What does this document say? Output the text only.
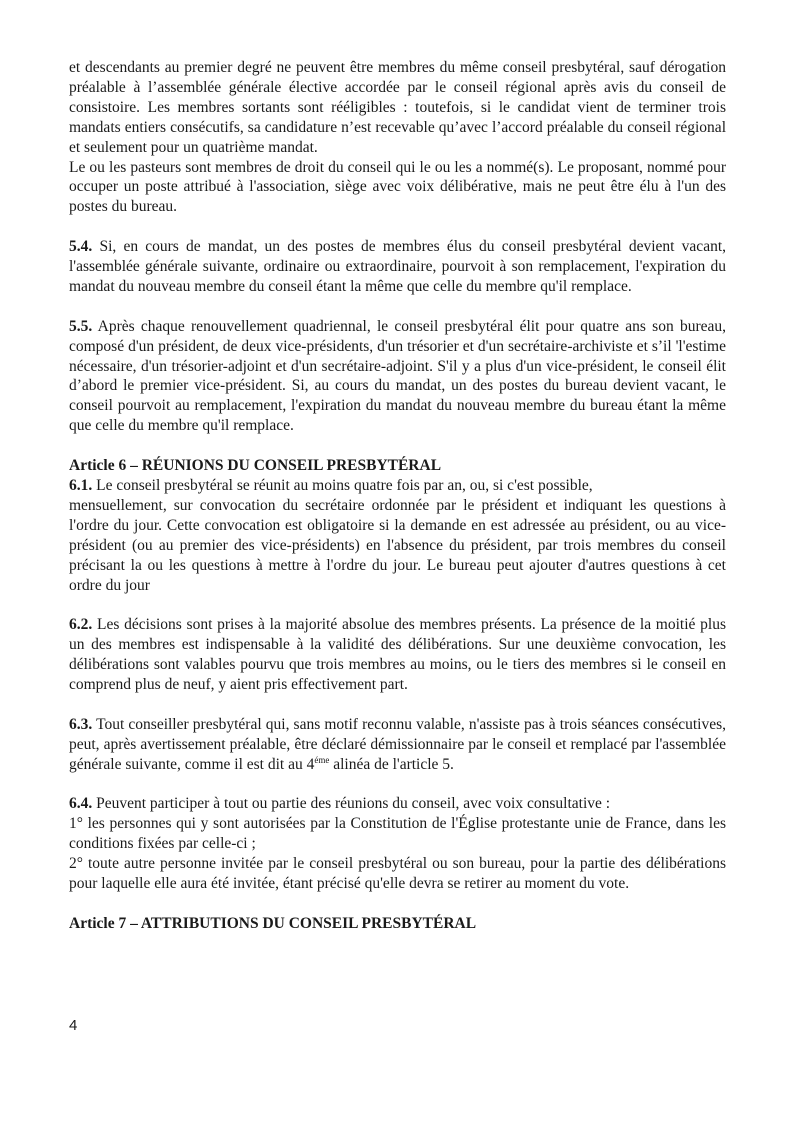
et descendants au premier degré ne peuvent être membres du même conseil presbytéral, sauf dérogation préalable à l’assemblée générale élective accordée par le conseil régional après avis du conseil de consistoire. Les membres sortants sont rééligibles : toutefois, si le candidat vient de terminer trois mandats entiers consécutifs, sa candidature n’est recevable qu’avec l’accord préalable du conseil régional et seulement pour un quatrième mandat.

Le ou les pasteurs sont membres de droit du conseil qui le ou les a nommé(s). Le proposant, nommé pour occuper un poste attribué à l'association, siège avec voix délibérative, mais ne peut être élu à l'un des postes du bureau.

5.4. Si, en cours de mandat, un des postes de membres élus du conseil presbytéral devient vacant, l'assemblée générale suivante, ordinaire ou extraordinaire, pourvoit à son remplacement, l'expiration du mandat du nouveau membre du conseil étant la même que celle du membre qu'il remplace.

5.5. Après chaque renouvellement quadriennal, le conseil presbytéral élit pour quatre ans son bureau, composé d'un président, de deux vice-présidents, d'un trésorier et d'un secrétaire-archiviste et s’il 'l'estime nécessaire, d'un trésorier-adjoint et d'un secrétaire-adjoint. S'il y a plus d'un vice-président, le conseil élit d’abord le premier vice-président. Si, au cours du mandat, un des postes du bureau devient vacant, le conseil pourvoit au remplacement, l'expiration du mandat du nouveau membre du bureau étant la même que celle du membre qu'il remplace.

Article 6 – RÉUNIONS DU CONSEIL PRESBYTÉRAL

6.1. Le conseil presbytéral se réunit au moins quatre fois par an, ou, si c'est possible,

mensuellement, sur convocation du secrétaire ordonnée par le président et indiquant les questions à l'ordre du jour. Cette convocation est obligatoire si la demande en est adressée au président, ou au vice-président (ou au premier des vice-présidents) en l'absence du président, par trois membres du conseil précisant la ou les questions à mettre à l'ordre du jour. Le bureau peut ajouter d'autres questions à cet ordre du jour

6.2. Les décisions sont prises à la majorité absolue des membres présents. La présence de la moitié plus un des membres est indispensable à la validité des délibérations. Sur une deuxième convocation, les délibérations sont valables pourvu que trois membres au moins, ou le tiers des membres si le conseil en comprend plus de neuf, y aient pris effectivement part.

6.3. Tout conseiller presbytéral qui, sans motif reconnu valable, n'assiste pas à trois séances consécutives, peut, après avertissement préalable, être déclaré démissionnaire par le conseil et remplacé par l'assemblée générale suivante, comme il est dit au $4^{éme}$ alinéa de l'article 5.

6.4. Peuvent participer à tout ou partie des réunions du conseil, avec voix consultative :

1° les personnes qui y sont autorisées par la Constitution de l'Église protestante unie de France, dans les conditions fixées par celle-ci ;

2° toute autre personne invitée par le conseil presbytéral ou son bureau, pour la partie des délibérations pour laquelle elle aura été invitée, étant précisé qu'elle devra se retirer au moment du vote.

Article 7 – ATTRIBUTIONS DU CONSEIL PRESBYTÉRAL
4
